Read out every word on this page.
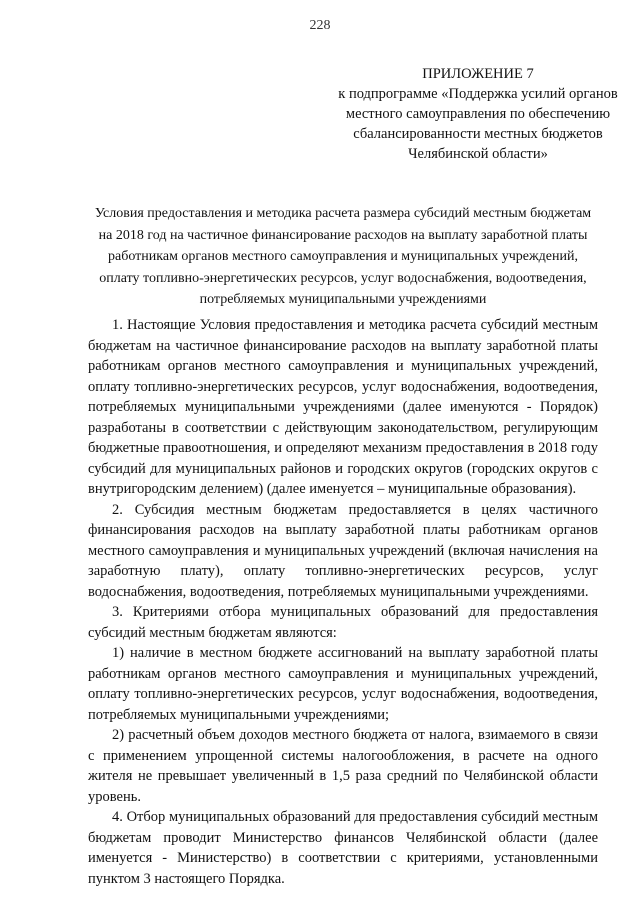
228
ПРИЛОЖЕНИЕ 7
к подпрограмме «Поддержка усилий органов местного самоуправления по обеспечению сбалансированности местных бюджетов Челябинской области»
Условия предоставления и методика расчета размера субсидий местным бюджетам на 2018 год на частичное финансирование расходов на выплату заработной платы работникам органов местного самоуправления и муниципальных учреждений, оплату топливно-энергетических ресурсов, услуг водоснабжения, водоотведения, потребляемых муниципальными учреждениями

1. Настоящие Условия предоставления и методика расчета субсидий местным бюджетам на частичное финансирование расходов на выплату заработной платы работникам органов местного самоуправления и муниципальных учреждений, оплату топливно-энергетических ресурсов, услуг водоснабжения, водоотведения, потребляемых муниципальными учреждениями (далее именуются - Порядок) разработаны в соответствии с действующим законодательством, регулирующим бюджетные правоотношения, и определяют механизм предоставления в 2018 году субсидий для муниципальных районов и городских округов (городских округов с внутригородским делением) (далее именуется – муниципальные образования).

2. Субсидия местным бюджетам предоставляется в целях частичного финансирования расходов на выплату заработной платы работникам органов местного самоуправления и муниципальных учреждений (включая начисления на заработную плату), оплату топливно-энергетических ресурсов, услуг водоснабжения, водоотведения, потребляемых муниципальными учреждениями.

3. Критериями отбора муниципальных образований для предоставления субсидий местным бюджетам являются:

1) наличие в местном бюджете ассигнований на выплату заработной платы работникам органов местного самоуправления и муниципальных учреждений, оплату топливно-энергетических ресурсов, услуг водоснабжения, водоотведения, потребляемых муниципальными учреждениями;

2) расчетный объем доходов местного бюджета от налога, взимаемого в связи с применением упрощенной системы налогообложения, в расчете на одного жителя не превышает увеличенный в 1,5 раза средний по Челябинской области уровень.

4. Отбор муниципальных образований для предоставления субсидий местным бюджетам проводит Министерство финансов Челябинской области (далее именуется - Министерство) в соответствии с критериями, установленными пунктом 3 настоящего Порядка.
